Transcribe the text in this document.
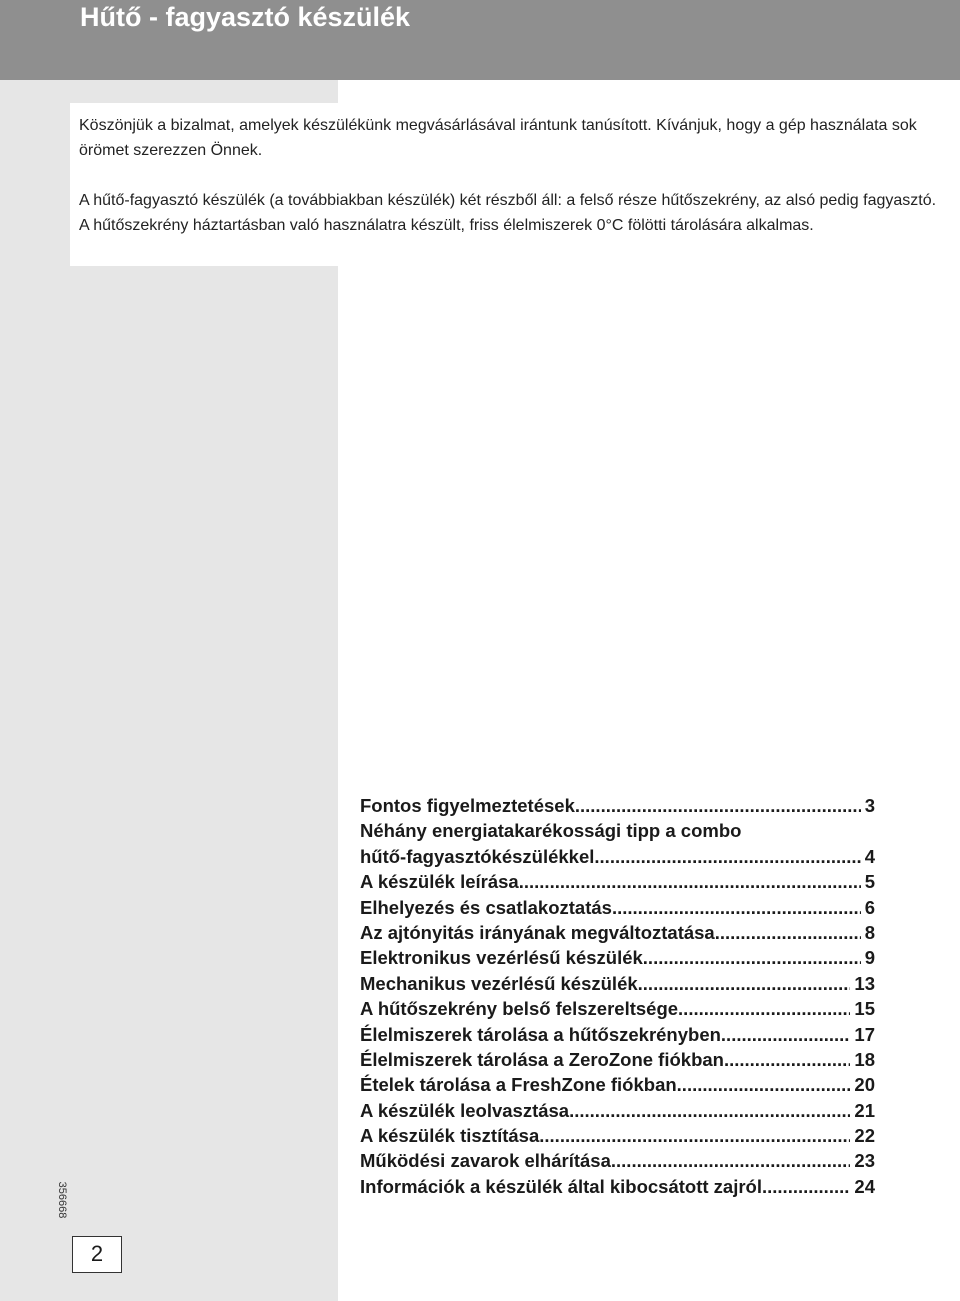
Hűtő - fagyasztó készülék

Köszönjük a bizalmat, amelyek készülékünk megvásárlásával irántunk tanúsított. Kívánjuk, hogy a gép használata sok örömet szerezzen Önnek.

A hűtő-fagyasztó készülék (a továbbiakban készülék) két részből áll: a felső része hűtőszekrény, az alsó pedig fagyasztó. A hűtőszekrény háztartásban való használatra készült, friss élelmiszerek 0°C fölötti tárolására alkalmas.

Fontos figyelmeztetések .....	3
Néhány energiatakarékossági tipp a combo
hűtő-fagyasztókészülékkel .....	4
A készülék leírása .....	5
Elhelyezés és csatlakoztatás .....	6
Az ajtónyitás irányának megváltoztatása .....	8
Elektronikus vezérlésű készülék .....	9
Mechanikus vezérlésű készülék .....	13
A hűtőszekrény belső felszereltsége .....	15
Élelmiszerek tárolása a hűtőszekrényben .....	17
Élelmiszerek tárolása a ZeroZone fiókban .....	18
Ételek tárolása a FreshZone fiókban .....	20
A készülék leolvasztása .....	21
A készülék tisztítása .....	22
Működési zavarok elhárítása .....	23
Információk a készülék által kibocsátott zajról .....	24
356668
2
